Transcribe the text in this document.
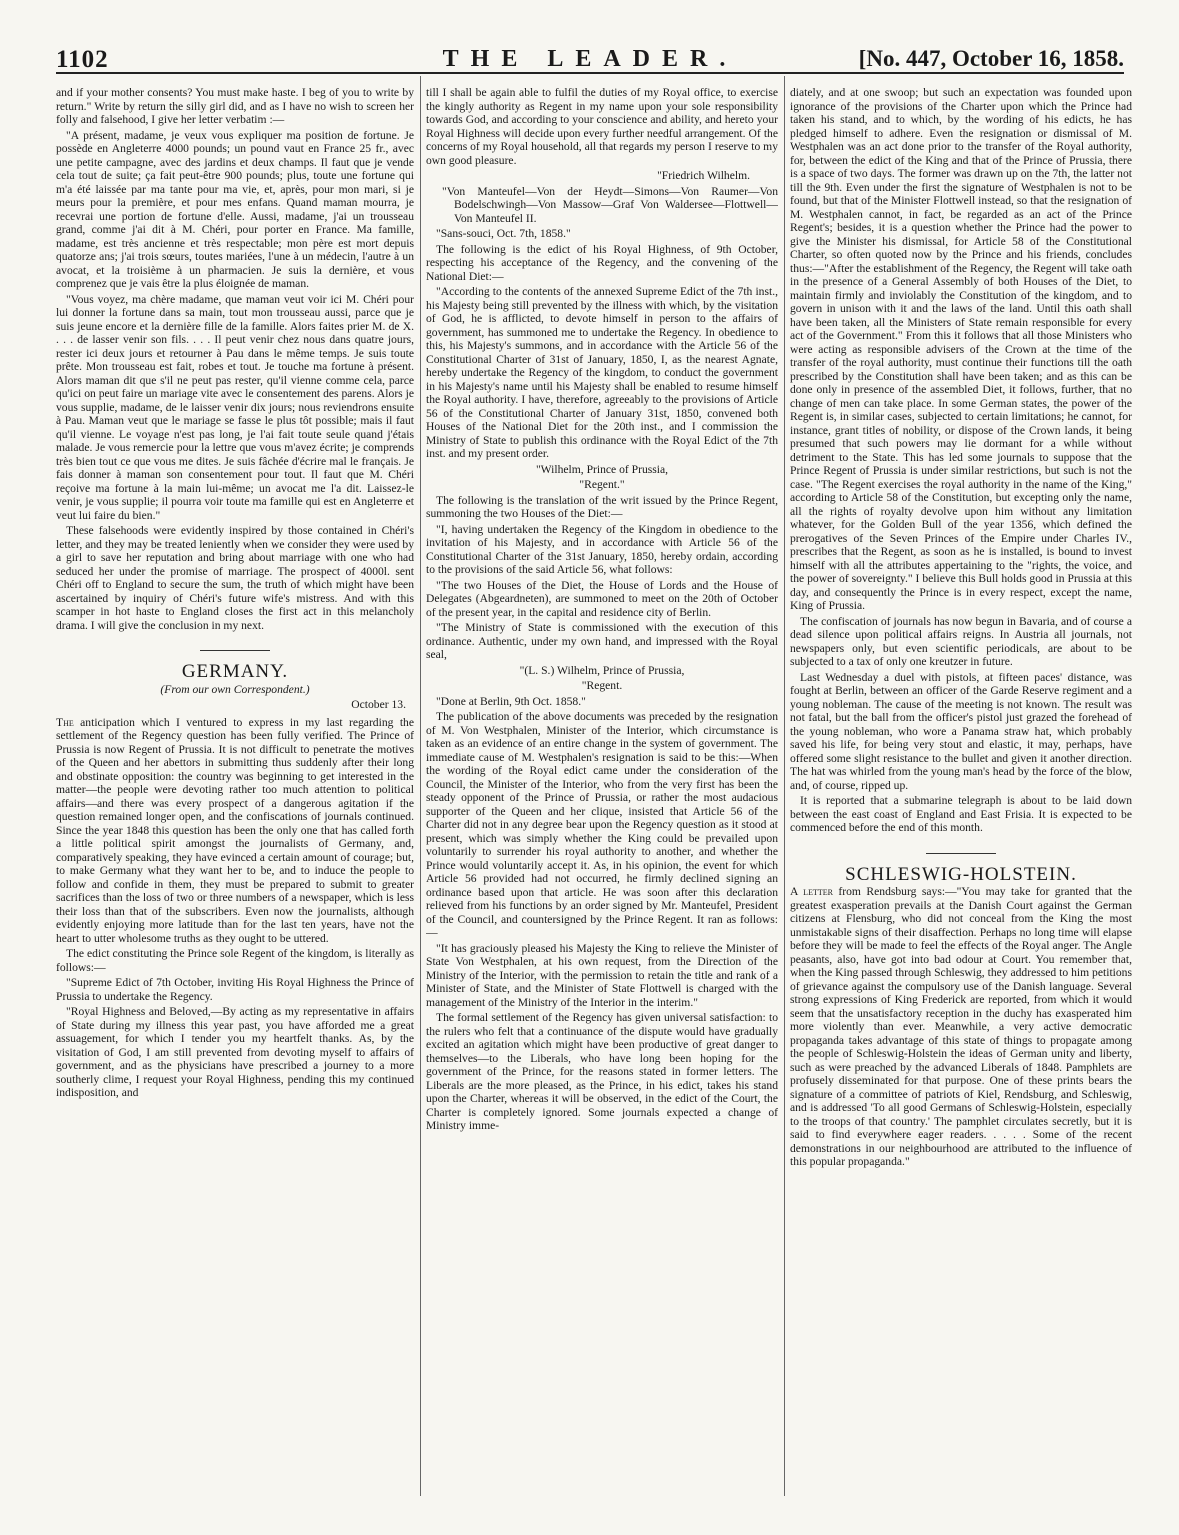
1102	THE LEADER.	[No. 447, October 16, 1858.

and if your mother consents? You must make haste. I beg of you to write by return." Write by return the silly girl did, and as I have no wish to screen her folly and falsehood, I give her letter verbatim :—

"A présent, madame, je veux vous expliquer ma position de fortune. Je possède en Angleterre 4000 pounds; un pound vaut en France 25 fr., avec une petite campagne, avec des jardins et deux champs. Il faut que je vende cela tout de suite; ça fait peut-être 900 pounds; plus, toute une fortune qui m'a été laissée par ma tante pour ma vie, et, après, pour mon mari, si je meurs pour la première, et pour mes enfans. Quand maman mourra, je recevrai une portion de fortune d'elle. Aussi, madame, j'ai un trousseau grand, comme j'ai dit à M. Chéri, pour porter en France. Ma famille, madame, est très ancienne et très respectable; mon père est mort depuis quatorze ans; j'ai trois sœurs, toutes mariées, l'une à un médecin, l'autre à un avocat, et la troisième à un pharmacien. Je suis la dernière, et vous comprenez que je vais être la plus éloignée de maman.

"Vous voyez, ma chère madame, que maman veut voir ici M. Chéri pour lui donner la fortune dans sa main, tout mon trousseau aussi, parce que je suis jeune encore et la dernière fille de la famille. Alors faites prier M. de X. . . . de lasser venir son fils. . . . Il peut venir chez nous dans quatre jours, rester ici deux jours et retourner à Pau dans le même temps. Je suis toute prête. Mon trousseau est fait, robes et tout. Je touche ma fortune à présent. Alors maman dit que s'il ne peut pas rester, qu'il vienne comme cela, parce qu'ici on peut faire un mariage vite avec le consentement des parens. Alors je vous supplie, madame, de le laisser venir dix jours; nous reviendrons ensuite à Pau. Maman veut que le mariage se fasse le plus tôt possible; mais il faut qu'il vienne. Le voyage n'est pas long, je l'ai fait toute seule quand j'étais malade. Je vous remercie pour la lettre que vous m'avez écrite; je comprends très bien tout ce que vous me dites. Je suis fâchée d'écrire mal le français. Je fais donner à maman son consentement pour tout. Il faut que M. Chéri reçoive ma fortune à la main lui-même; un avocat me l'a dit. Laissez-le venir, je vous supplie; il pourra voir toute ma famille qui est en Angleterre et veut lui faire du bien."

These falsehoods were evidently inspired by those contained in Chéri's letter, and they may be treated leniently when we consider they were used by a girl to save her reputation and bring about marriage with one who had seduced her under the promise of marriage. The prospect of 4000l. sent Chéri off to England to secure the sum, the truth of which might have been ascertained by inquiry of Chéri's future wife's mistress. And with this scamper in hot haste to England closes the first act in this melancholy drama. I will give the conclusion in my next.

GERMANY.
(From our own Correspondent.)
October 13.

The anticipation which I ventured to express in my last regarding the settlement of the Regency question has been fully verified. The Prince of Prussia is now Regent of Prussia. It is not difficult to penetrate the motives of the Queen and her abettors in submitting thus suddenly after their long and obstinate opposition: the country was beginning to get interested in the matter—the people were devoting rather too much attention to political affairs—and there was every prospect of a dangerous agitation if the question remained longer open, and the confiscations of journals continued. Since the year 1848 this question has been the only one that has called forth a little political spirit amongst the journalists of Germany, and, comparatively speaking, they have evinced a certain amount of courage; but, to make Germany what they want her to be, and to induce the people to follow and confide in them, they must be prepared to submit to greater sacrifices than the loss of two or three numbers of a newspaper, which is less their loss than that of the subscribers. Even now the journalists, although evidently enjoying more latitude than for the last ten years, have not the heart to utter wholesome truths as they ought to be uttered.

The edict constituting the Prince sole Regent of the kingdom, is literally as follows:—

"Supreme Edict of 7th October, inviting His Royal Highness the Prince of Prussia to undertake the Regency.

"Royal Highness and Beloved,—By acting as my representative in affairs of State during my illness this year past, you have afforded me a great assuagement, for which I tender you my heartfelt thanks. As, by the visitation of God, I am still prevented from devoting myself to affairs of government, and as the physicians have prescribed a journey to a more southerly clime, I request your Royal Highness, pending this my continued indisposition, and

till I shall be again able to fulfil the duties of my Royal office, to exercise the kingly authority as Regent in my name upon your sole responsibility towards God, and according to your conscience and ability, and hereto your Royal Highness will decide upon every further needful arrangement. Of the concerns of my Royal household, all that regards my person I reserve to my own good pleasure.

"Friedrich Wilhelm.

"Von Manteufel—Von der Heydt—Simons—Von Raumer—Von Bodelschwingh—Von Massow—Graf Von Waldersee—Flottwell—Von Manteufel II.

"Sans-souci, Oct. 7th, 1858."

The following is the edict of his Royal Highness, of 9th October, respecting his acceptance of the Regency, and the convening of the National Diet:—

"According to the contents of the annexed Supreme Edict of the 7th inst., his Majesty being still prevented by the illness with which, by the visitation of God, he is afflicted, to devote himself in person to the affairs of government, has summoned me to undertake the Regency. In obedience to this, his Majesty's summons, and in accordance with the Article 56 of the Constitutional Charter of 31st of January, 1850, I, as the nearest Agnate, hereby undertake the Regency of the kingdom, to conduct the government in his Majesty's name until his Majesty shall be enabled to resume himself the Royal authority. I have, therefore, agreeably to the provisions of Article 56 of the Constitutional Charter of January 31st, 1850, convened both Houses of the National Diet for the 20th inst., and I commission the Ministry of State to publish this ordinance with the Royal Edict of the 7th inst. and my present order.

"Wilhelm, Prince of Prussia,

"Regent."

The following is the translation of the writ issued by the Prince Regent, summoning the two Houses of the Diet:—

"I, having undertaken the Regency of the Kingdom in obedience to the invitation of his Majesty, and in accordance with Article 56 of the Constitutional Charter of the 31st January, 1850, hereby ordain, according to the provisions of the said Article 56, what follows:

"The two Houses of the Diet, the House of Lords and the House of Delegates (Abgeardneten), are summoned to meet on the 20th of October of the present year, in the capital and residence city of Berlin.

"The Ministry of State is commissioned with the execution of this ordinance. Authentic, under my own hand, and impressed with the Royal seal,

"(L. S.) Wilhelm, Prince of Prussia,

"Regent.

"Done at Berlin, 9th Oct. 1858."

The publication of the above documents was preceded by the resignation of M. Von Westphalen, Minister of the Interior, which circumstance is taken as an evidence of an entire change in the system of government. The immediate cause of M. Westphalen's resignation is said to be this:—When the wording of the Royal edict came under the consideration of the Council, the Minister of the Interior, who from the very first has been the steady opponent of the Prince of Prussia, or rather the most audacious supporter of the Queen and her clique, insisted that Article 56 of the Charter did not in any degree bear upon the Regency question as it stood at present, which was simply whether the King could be prevailed upon voluntarily to surrender his royal authority to another, and whether the Prince would voluntarily accept it. As, in his opinion, the event for which Article 56 provided had not occurred, he firmly declined signing an ordinance based upon that article. He was soon after this declaration relieved from his functions by an order signed by Mr. Manteufel, President of the Council, and countersigned by the Prince Regent. It ran as follows:—

"It has graciously pleased his Majesty the King to relieve the Minister of State Von Westphalen, at his own request, from the Direction of the Ministry of the Interior, with the permission to retain the title and rank of a Minister of State, and the Minister of State Flottwell is charged with the management of the Ministry of the Interior in the interim."

The formal settlement of the Regency has given universal satisfaction: to the rulers who felt that a continuance of the dispute would have gradually excited an agitation which might have been productive of great danger to themselves—to the Liberals, who have long been hoping for the government of the Prince, for the reasons stated in former letters. The Liberals are the more pleased, as the Prince, in his edict, takes his stand upon the Charter, whereas it will be observed, in the edict of the Court, the Charter is completely ignored. Some journals expected a change of Ministry imme-

diately, and at one swoop; but such an expectation was founded upon ignorance of the provisions of the Charter upon which the Prince had taken his stand, and to which, by the wording of his edicts, he has pledged himself to adhere. Even the resignation or dismissal of M. Westphalen was an act done prior to the transfer of the Royal authority, for, between the edict of the King and that of the Prince of Prussia, there is a space of two days. The former was drawn up on the 7th, the latter not till the 9th. Even under the first the signature of Westphalen is not to be found, but that of the Minister Flottwell instead, so that the resignation of M. Westphalen cannot, in fact, be regarded as an act of the Prince Regent's; besides, it is a question whether the Prince had the power to give the Minister his dismissal, for Article 58 of the Constitutional Charter, so often quoted now by the Prince and his friends, concludes thus:—"After the establishment of the Regency, the Regent will take oath in the presence of a General Assembly of both Houses of the Diet, to maintain firmly and inviolably the Constitution of the kingdom, and to govern in unison with it and the laws of the land. Until this oath shall have been taken, all the Ministers of State remain responsible for every act of the Government." From this it follows that all those Ministers who were acting as responsible advisers of the Crown at the time of the transfer of the royal authority, must continue their functions till the oath prescribed by the Constitution shall have been taken; and as this can be done only in presence of the assembled Diet, it follows, further, that no change of men can take place. In some German states, the power of the Regent is, in similar cases, subjected to certain limitations; he cannot, for instance, grant titles of nobility, or dispose of the Crown lands, it being presumed that such powers may lie dormant for a while without detriment to the State. This has led some journals to suppose that the Prince Regent of Prussia is under similar restrictions, but such is not the case. "The Regent exercises the royal authority in the name of the King," according to Article 58 of the Constitution, but excepting only the name, all the rights of royalty devolve upon him without any limitation whatever, for the Golden Bull of the year 1356, which defined the prerogatives of the Seven Princes of the Empire under Charles IV., prescribes that the Regent, as soon as he is installed, is bound to invest himself with all the attributes appertaining to the "rights, the voice, and the power of sovereignty." I believe this Bull holds good in Prussia at this day, and consequently the Prince is in every respect, except the name, King of Prussia.

The confiscation of journals has now begun in Bavaria, and of course a dead silence upon political affairs reigns. In Austria all journals, not newspapers only, but even scientific periodicals, are about to be subjected to a tax of only one kreutzer in future.

Last Wednesday a duel with pistols, at fifteen paces' distance, was fought at Berlin, between an officer of the Garde Reserve regiment and a young nobleman. The cause of the meeting is not known. The result was not fatal, but the ball from the officer's pistol just grazed the forehead of the young nobleman, who wore a Panama straw hat, which probably saved his life, for being very stout and elastic, it may, perhaps, have offered some slight resistance to the bullet and given it another direction. The hat was whirled from the young man's head by the force of the blow, and, of course, ripped up.

It is reported that a submarine telegraph is about to be laid down between the east coast of England and East Frisia. It is expected to be commenced before the end of this month.

SCHLESWIG-HOLSTEIN.

A letter from Rendsburg says:—"You may take for granted that the greatest exasperation prevails at the Danish Court against the German citizens at Flensburg, who did not conceal from the King the most unmistakable signs of their disaffection. Perhaps no long time will elapse before they will be made to feel the effects of the Royal anger. The Angle peasants, also, have got into bad odour at Court. You remember that, when the King passed through Schleswig, they addressed to him petitions of grievance against the compulsory use of the Danish language. Several strong expressions of King Frederick are reported, from which it would seem that the unsatisfactory reception in the duchy has exasperated him more violently than ever. Meanwhile, a very active democratic propaganda takes advantage of this state of things to propagate among the people of Schleswig-Holstein the ideas of German unity and liberty, such as were preached by the advanced Liberals of 1848. Pamphlets are profusely disseminated for that purpose. One of these prints bears the signature of a committee of patriots of Kiel, Rendsburg, and Schleswig, and is addressed 'To all good Germans of Schleswig-Holstein, especially to the troops of that country.' The pamphlet circulates secretly, but it is said to find everywhere eager readers. . . . . Some of the recent demonstrations in our neighbourhood are attributed to the influence of this popular propaganda."
